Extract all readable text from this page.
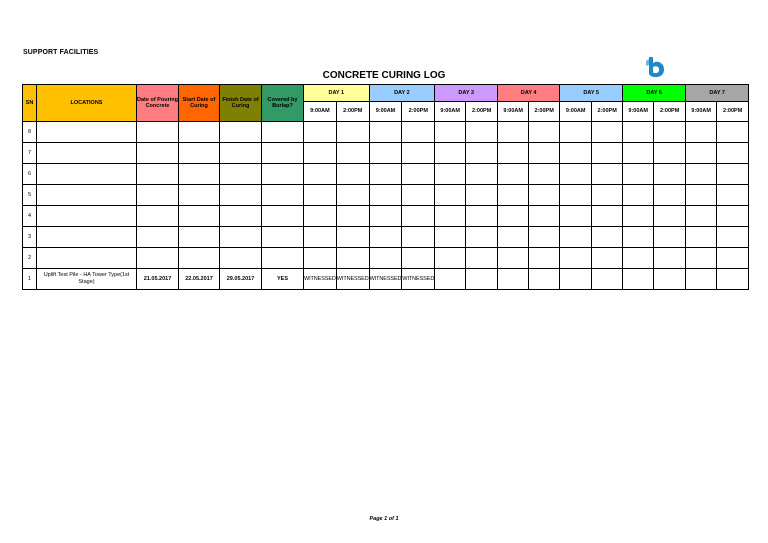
SUPPORT FACILITIES
CONCRETE CURING LOG
SN	LOCATIONS	Date of Pouring Concrete	Start Date of Curing	Finish Date of Curing	Covered by Burlap?	DAY 1		DAY 2		DAY 3		DAY 4		DAY 5		DAY 6		DAY 7	
						9:00AM	2:00PM	9:00AM	2:00PM	9:00AM	2:00PM	9:00AM	2:00PM	9:00AM	2:00PM	9:00AM	2:00PM	9:00AM	2:00PM
8																			
7																			
6																			
5																			
4																			
3																			
2																			
1	Uplift Test Pile - HA Tower Type(1st Stage)	21.05.2017	22.05.2017	29.05.2017	YES	WITNESSED	WITNESSED	WITNESSED	WITNESSED										
Page 1 of 1
